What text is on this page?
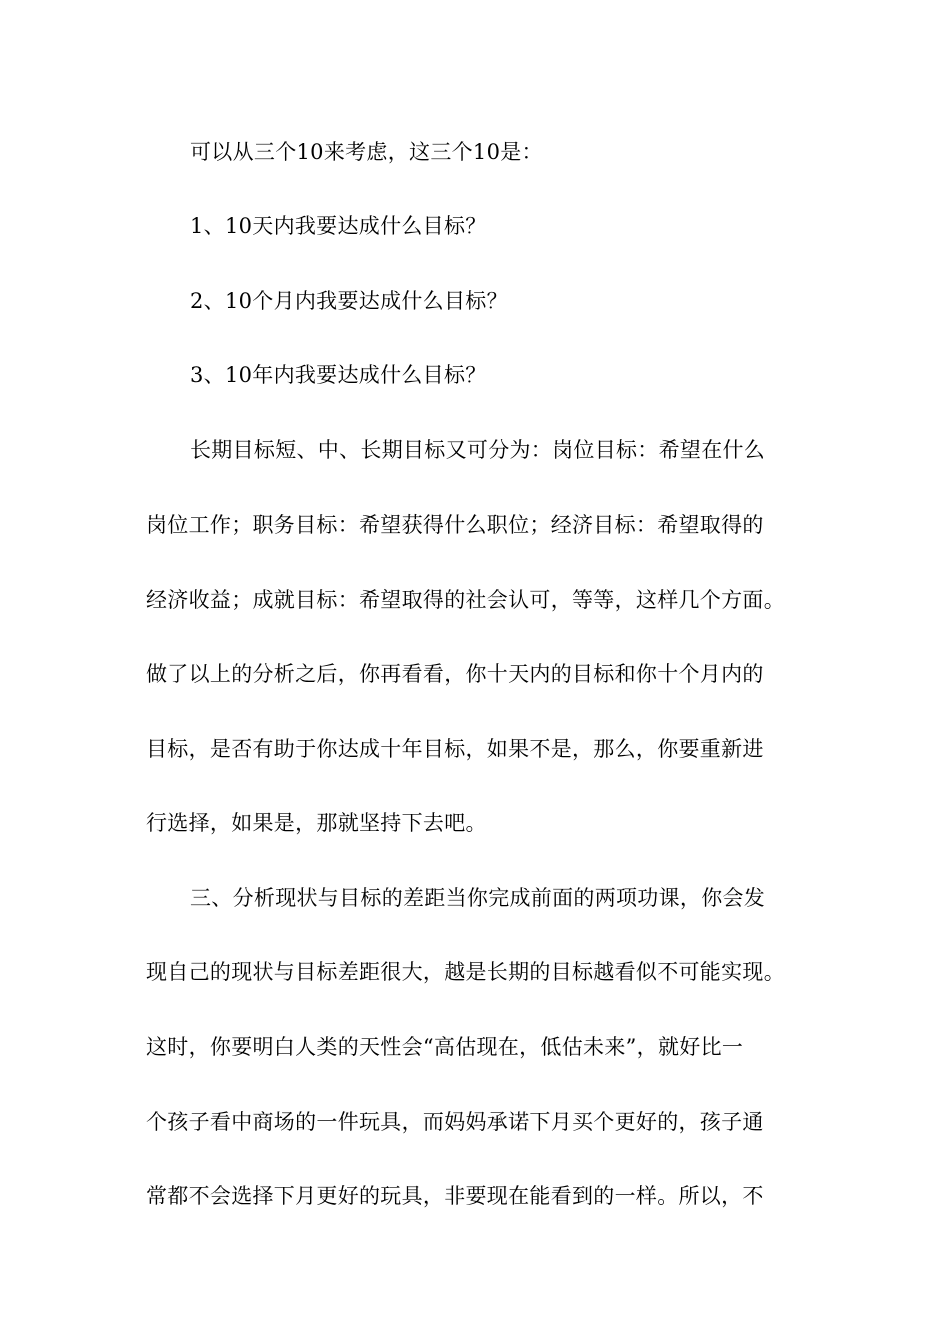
可以从三个10来考虑，这三个10是：
1、10天内我要达成什么目标？
2、10个月内我要达成什么目标？
3、10年内我要达成什么目标？
长期目标短、中、长期目标又可分为：岗位目标：希望在什么
岗位工作；职务目标：希望获得什么职位；经济目标：希望取得的
经济收益；成就目标：希望取得的社会认可，等等，这样几个方面。
做了以上的分析之后，你再看看，你十天内的目标和你十个月内的
目标，是否有助于你达成十年目标，如果不是，那么，你要重新进
行选择，如果是，那就坚持下去吧。
三、分析现状与目标的差距当你完成前面的两项功课，你会发
现自己的现状与目标差距很大，越是长期的目标越看似不可能实现。
这时，你要明白人类的天性会“高估现在，低估未来”，就好比一
个孩子看中商场的一件玩具，而妈妈承诺下月买个更好的，孩子通
常都不会选择下月更好的玩具，非要现在能看到的一样。所以，不
